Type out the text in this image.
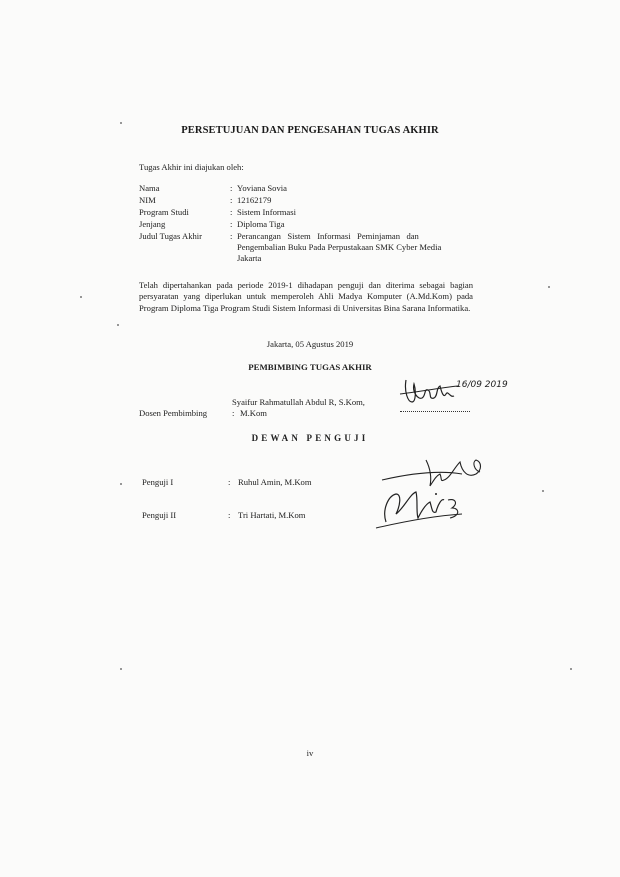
PERSETUJUAN DAN PENGESAHAN TUGAS AKHIR
Tugas Akhir ini diajukan oleh:
Nama	: Yoviana Sovia
NIM	: 12162179
Program Studi	: Sistem Informasi
Jenjang	: Diploma Tiga
Judul Tugas Akhir	: Perancangan   Sistem   Informasi   Peminjaman   dan
Pengembalian Buku Pada Perpustakaan SMK Cyber Media
Jakarta
Telah dipertahankan pada periode 2019-1 dihadapan penguji dan diterima sebagai bagian persyaratan yang diperlukan untuk memperoleh Ahli Madya Komputer (A.Md.Kom) pada Program Diploma Tiga Program Studi Sistem Informasi di Universitas Bina Sarana Informatika.
Jakarta, 05 Agustus 2019
PEMBIMBING TUGAS AKHIR
Syaifur Rahmatullah Abdul R, S.Kom,
Dosen Pembimbing	: M.Kom
16/09 2019
DEWAN PENGUJI
Penguji I	: Ruhul Amin, M.Kom
Penguji II	: Tri Hartati, M.Kom
iv
